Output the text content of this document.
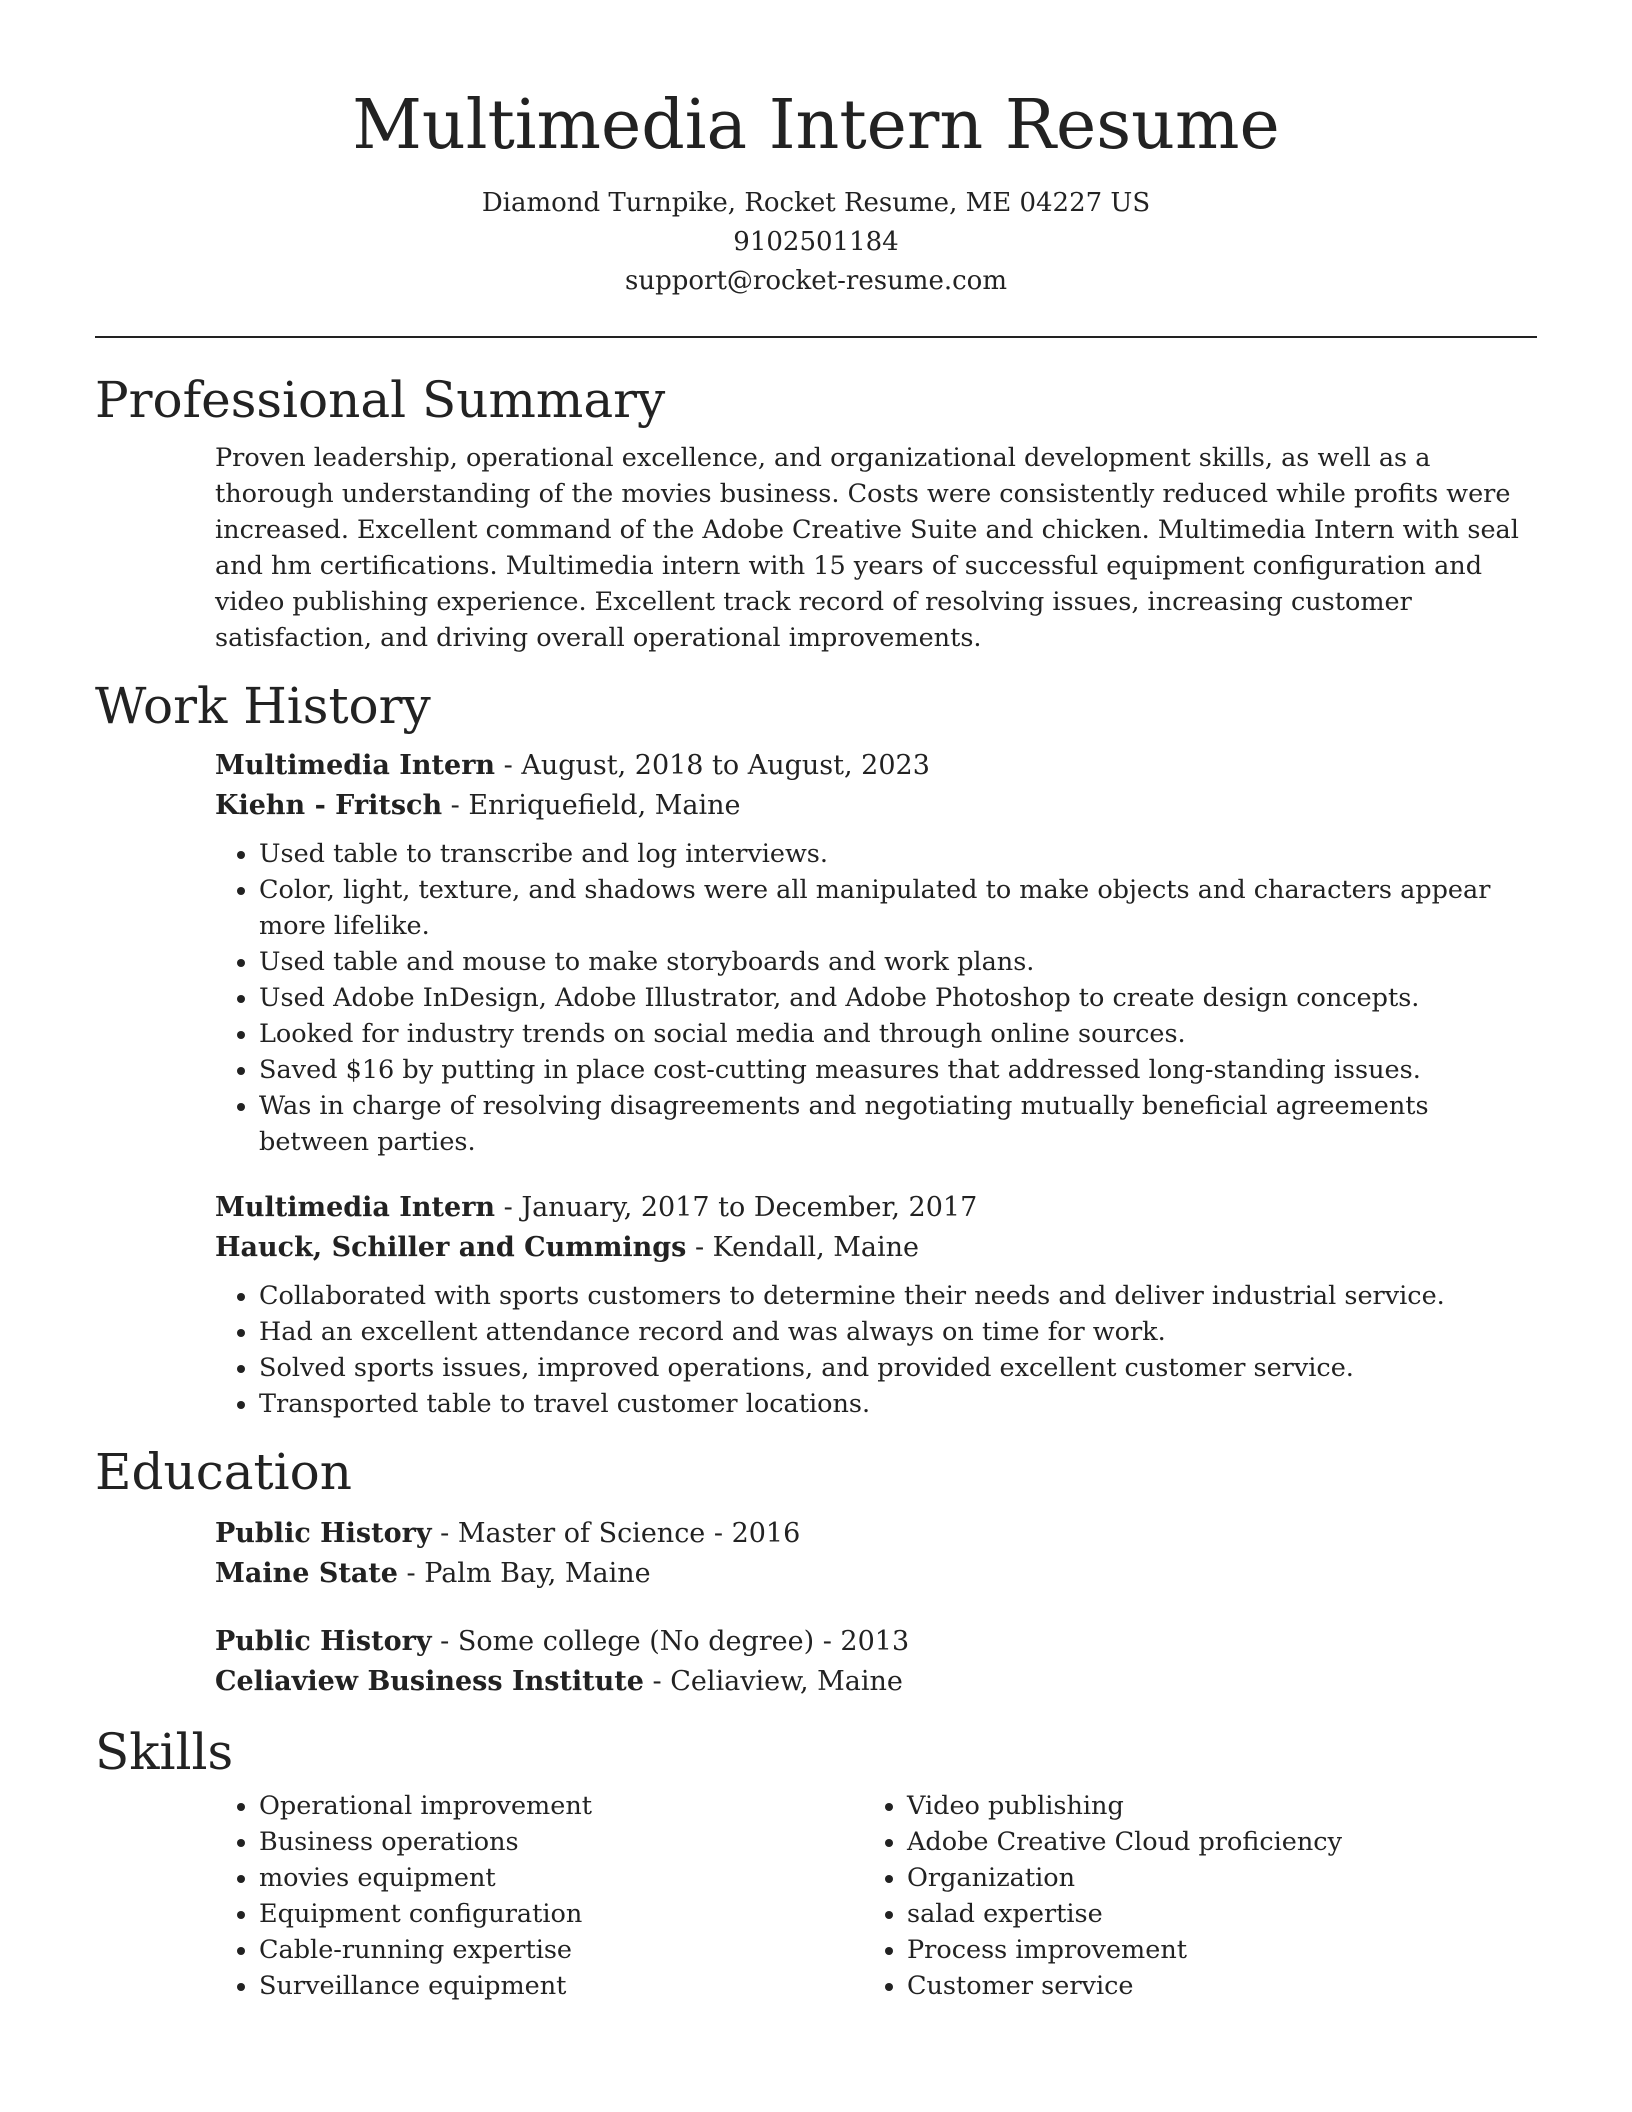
Multimedia Intern Resume
Diamond Turnpike, Rocket Resume, ME 04227 US
9102501184
support@rocket-resume.com
Professional Summary
Proven leadership, operational excellence, and organizational development skills, as well as a thorough understanding of the movies business. Costs were consistently reduced while profits were increased. Excellent command of the Adobe Creative Suite and chicken. Multimedia Intern with seal and hm certifications. Multimedia intern with 15 years of successful equipment configuration and video publishing experience. Excellent track record of resolving issues, increasing customer satisfaction, and driving overall operational improvements.
Work History
Multimedia Intern - August, 2018 to August, 2023
Kiehn - Fritsch - Enriquefield, Maine
• Used table to transcribe and log interviews.
• Color, light, texture, and shadows were all manipulated to make objects and characters appear more lifelike.
• Used table and mouse to make storyboards and work plans.
• Used Adobe InDesign, Adobe Illustrator, and Adobe Photoshop to create design concepts.
• Looked for industry trends on social media and through online sources.
• Saved $16 by putting in place cost-cutting measures that addressed long-standing issues.
• Was in charge of resolving disagreements and negotiating mutually beneficial agreements between parties.
Multimedia Intern - January, 2017 to December, 2017
Hauck, Schiller and Cummings - Kendall, Maine
• Collaborated with sports customers to determine their needs and deliver industrial service.
• Had an excellent attendance record and was always on time for work.
• Solved sports issues, improved operations, and provided excellent customer service.
• Transported table to travel customer locations.
Education
Public History - Master of Science - 2016
Maine State - Palm Bay, Maine
Public History - Some college (No degree) - 2013
Celiaview Business Institute - Celiaview, Maine
Skills
• Operational improvement
• Business operations
• movies equipment
• Equipment configuration
• Cable-running expertise
• Surveillance equipment
• Video publishing
• Adobe Creative Cloud proficiency
• Organization
• salad expertise
• Process improvement
• Customer service
